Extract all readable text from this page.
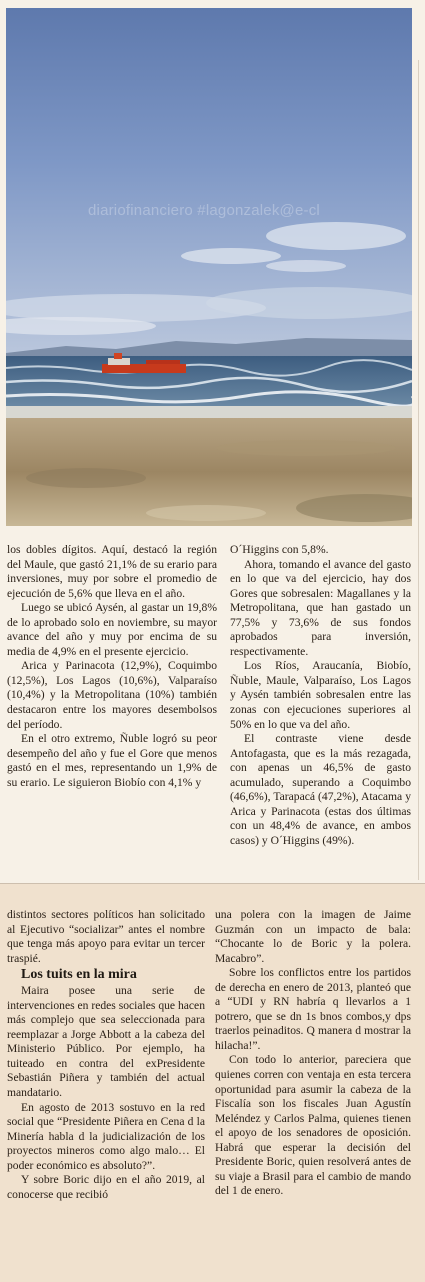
diariofinanciero #lagonzalek@e-cl

los dobles dígitos. Aquí, destacó la región del Maule, que gastó 21,1% de su erario para inversiones, muy por sobre el promedio de ejecución de 5,6% que lleva en el año.

Luego se ubicó Aysén, al gastar un 19,8% de lo aprobado solo en noviembre, su mayor avance del año y muy por encima de su media de 4,9% en el presente ejercicio.

Arica y Parinacota (12,9%), Coquimbo (12,5%), Los Lagos (10,6%), Valparaíso (10,4%) y la Metropolitana (10%) también destacaron entre los mayores desembolsos del período.

En el otro extremo, Ñuble logró su peor desempeño del año y fue el Gore que menos gastó en el mes, representando un 1,9% de su erario. Le siguieron Biobío con 4,1% y

O´Higgins con 5,8%.

Ahora, tomando el avance del gasto en lo que va del ejercicio, hay dos Gores que sobresalen: Magallanes y la Metropolitana, que han gastado un 77,5% y 73,6% de sus fondos aprobados para inversión, respectivamente.

Los Ríos, Araucanía, Biobío, Ñuble, Maule, Valparaíso, Los Lagos y Aysén también sobresalen entre las zonas con ejecuciones superiores al 50% en lo que va del año.

El contraste viene desde Antofagasta, que es la más rezagada, con apenas un 46,5% de gasto acumulado, superando a Coquimbo (46,6%), Tarapacá (47,2%), Atacama y Arica y Parinacota (estas dos últimas con un 48,4% de avance, en ambos casos) y O´Higgins (49%).

distintos sectores políticos han solicitado al Ejecutivo “socializar” antes el nombre que tenga más apoyo para evitar un tercer traspié.

Los tuits en la mira

Maira posee una serie de intervenciones en redes sociales que hacen más complejo que sea seleccionada para reemplazar a Jorge Abbott a la cabeza del Ministerio Público. Por ejemplo, ha tuiteado en contra del exPresidente Sebastián Piñera y también del actual mandatario.

En agosto de 2013 sostuvo en la red social que “Presidente Piñera en Cena d la Minería habla d la judicialización de los proyectos mineros como algo malo… El poder económico es absoluto?”.

Y sobre Boric dijo en el año 2019, al conocerse que recibió

una polera con la imagen de Jaime Guzmán con un impacto de bala: “Chocante lo de Boric y la polera. Macabro”.

Sobre los conflictos entre los partidos de derecha en enero de 2013, planteó que a “UDI y RN habría q llevarlos a 1 potrero, que se dn 1s bnos combos,y dps traerlos peinaditos. Q manera d mostrar la hilacha!”.

Con todo lo anterior, pareciera que quienes corren con ventaja en esta tercera oportunidad para asumir la cabeza de la Fiscalía son los fiscales Juan Agustín Meléndez y Carlos Palma, quienes tienen el apoyo de los senadores de oposición. Habrá que esperar la decisión del Presidente Boric, quien resolverá antes de su viaje a Brasil para el cambio de mando del 1 de enero.
